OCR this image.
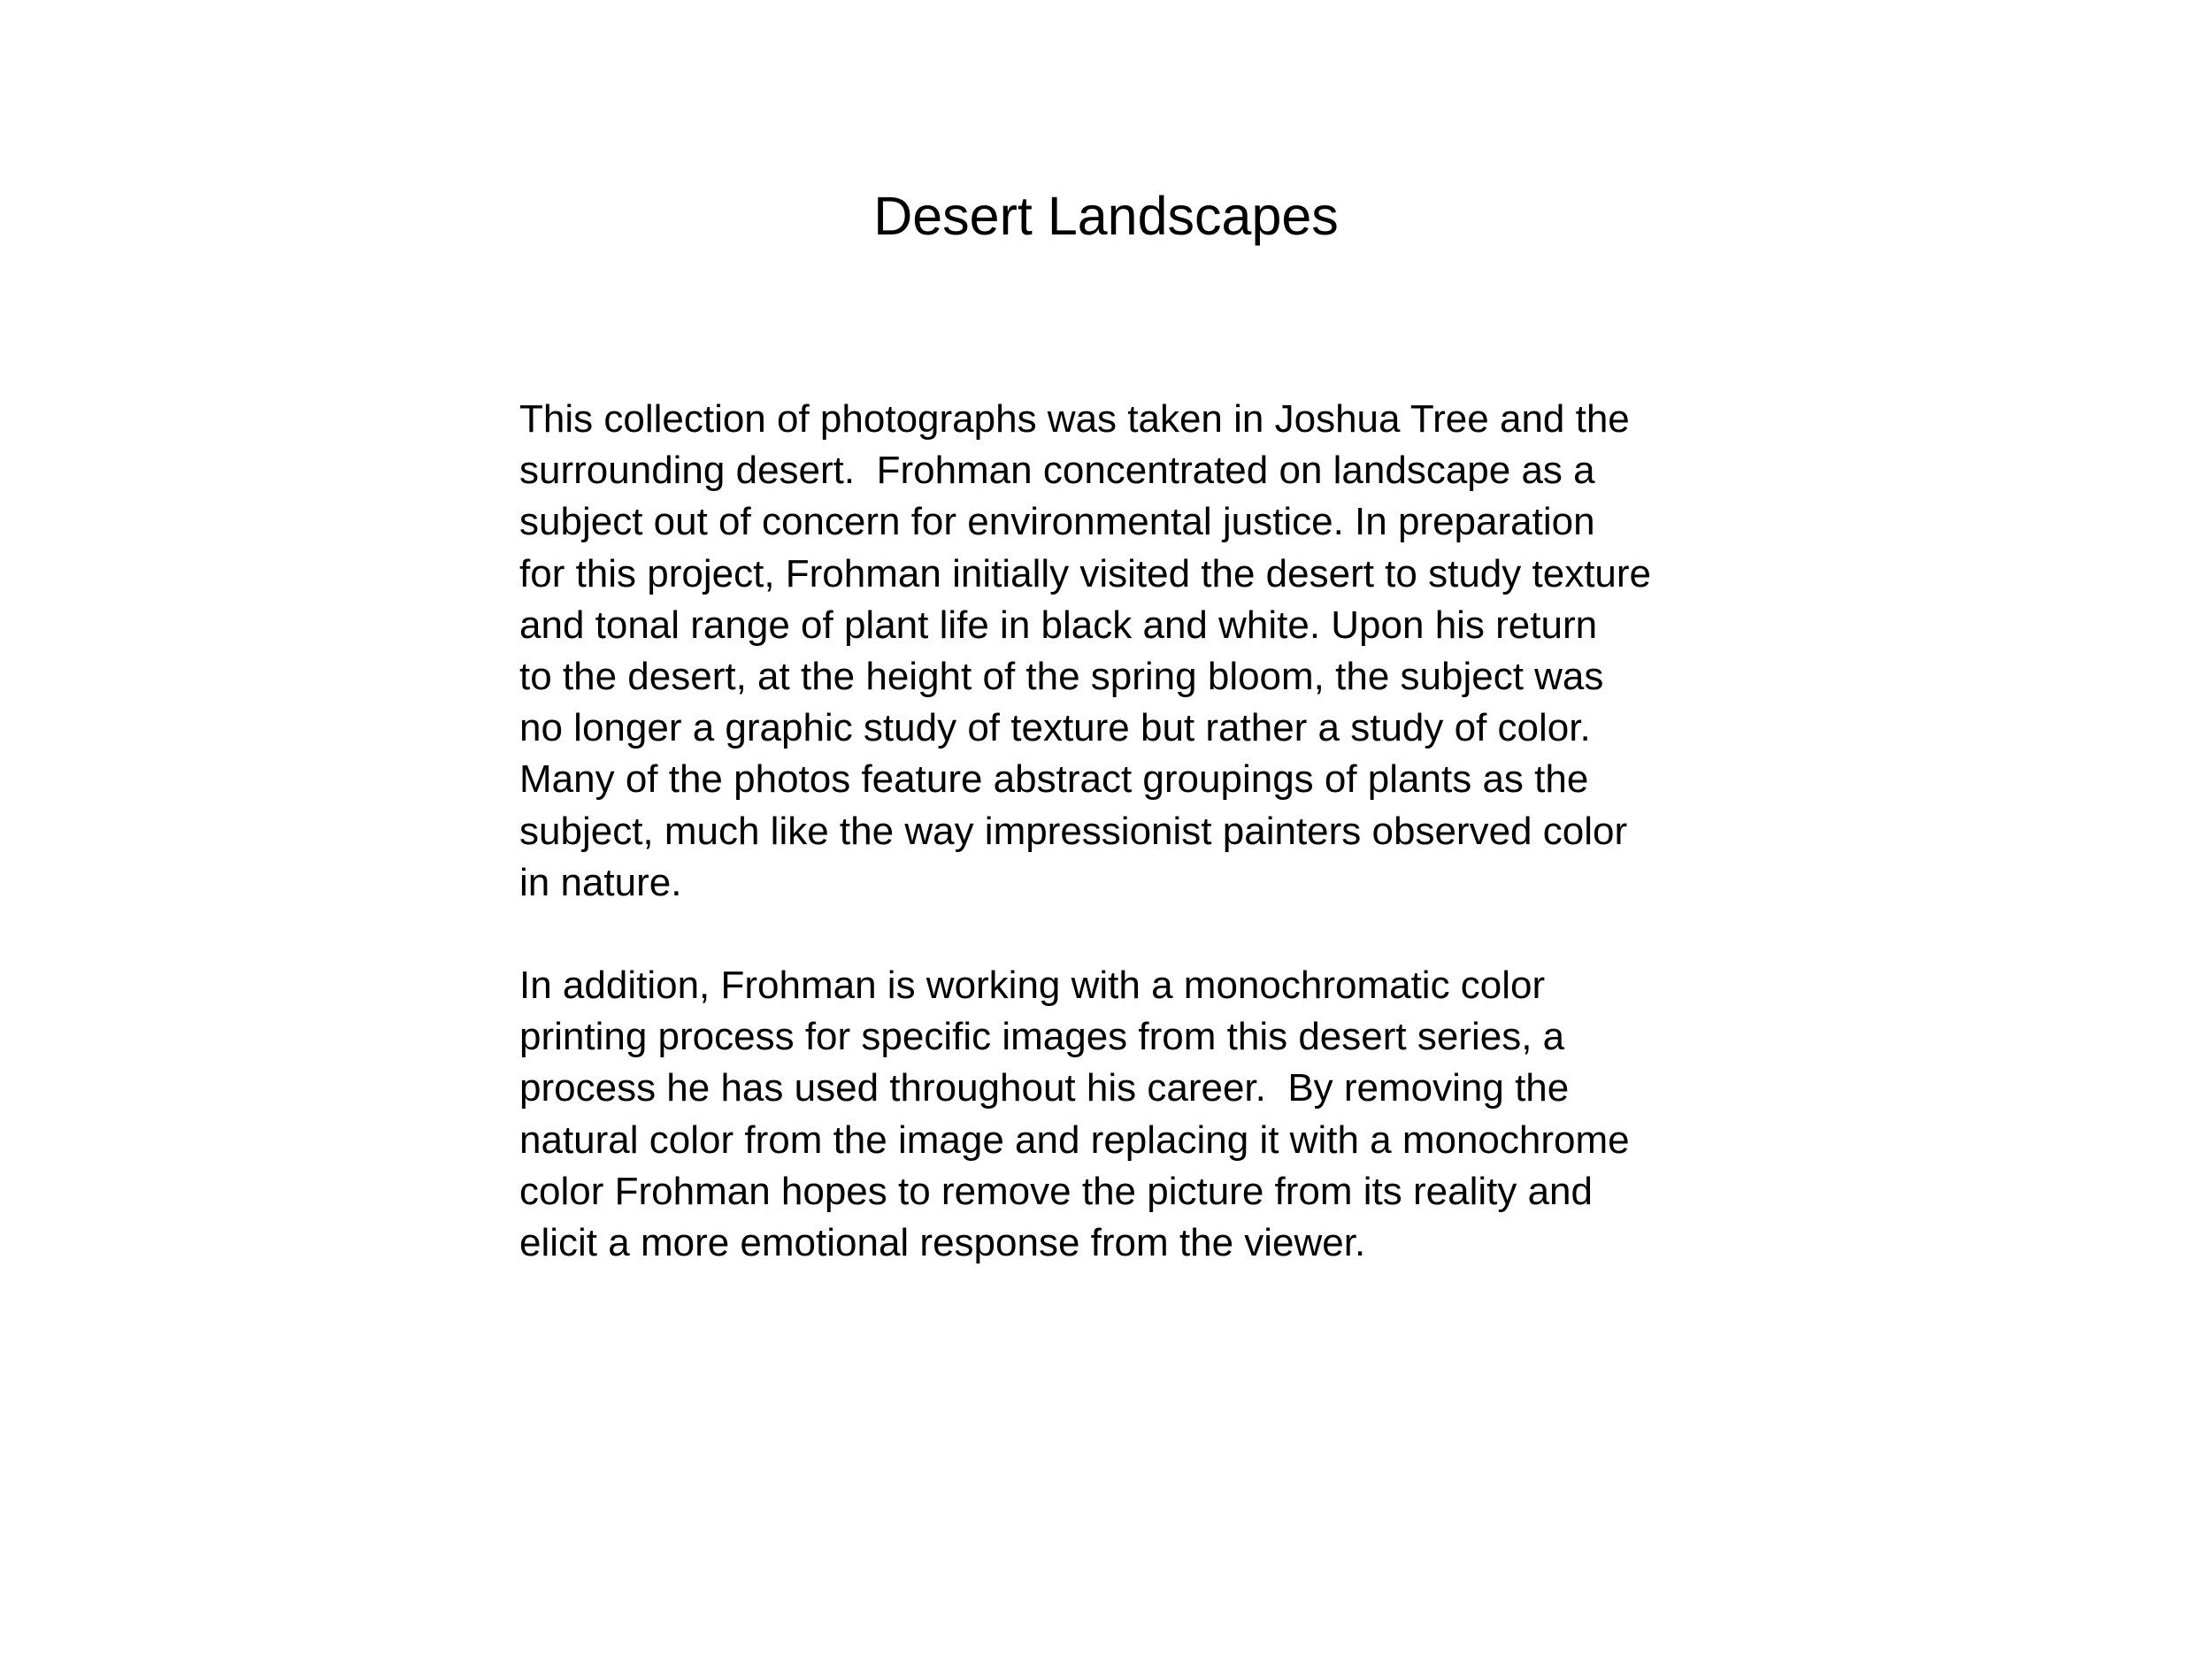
Desert Landscapes
This collection of photographs was taken in Joshua Tree and the
surrounding desert.  Frohman concentrated on landscape as a
subject out of concern for environmental justice. In preparation
for this project, Frohman initially visited the desert to study texture
and tonal range of plant life in black and white. Upon his return
to the desert, at the height of the spring bloom, the subject was
no longer a graphic study of texture but rather a study of color.
Many of the photos feature abstract groupings of plants as the
subject, much like the way impressionist painters observed color
in nature.
In addition, Frohman is working with a monochromatic color
printing process for specific images from this desert series, a
process he has used throughout his career.  By removing the
natural color from the image and replacing it with a monochrome
color Frohman hopes to remove the picture from its reality and
elicit a more emotional response from the viewer.
